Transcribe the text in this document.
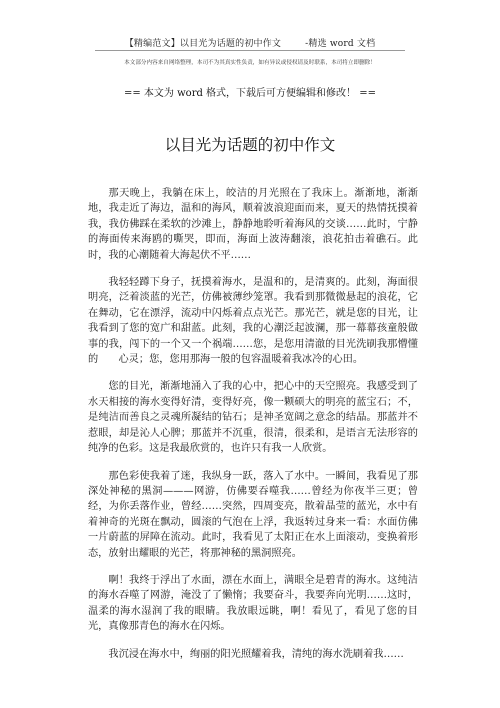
【精编范文】以目光为话题的初中作文	-精选 word 文档
本文部分内容来自网络整理，本司不为其真实性负责，如有异议或侵权请及时联系，本司将立即删除！
== 本文为 word 格式，下载后可方便编辑和修改！ ==
以目光为话题的初中作文

那天晚上，我躺在床上，皎洁的月光照在了我床上。渐渐地，渐渐地，我走近了海边，温和的海风，顺着波浪迎面而来，夏天的热情抚摸着我，我仿佛踩在柔软的沙滩上，静静地聆听着海风的交谈……此时，宁静的海面传来海鸥的嘶哭，即而，海面上波涛翻滚，浪花拍击着礁石。此时，我的心潮随着大海起伏不平……

我轻轻蹲下身子，抚摸着海水，是温和的，是清爽的。此刻，海面很明亮，泛着淡蓝的光芒，仿佛被薄纱笼罩。我看到那微微悬起的浪花，它在舞动，它在漂浮，流动中闪烁着点点光芒。那光芒，就是您的目光，让我看到了您的宽广和甜蓝。此刻，我的心潮泛起波澜，那一幕幕孩童般做事的我，闯下的一个又一个祸端……您，是您用清澈的目光洗刷我那懵懂的　　心灵；您，您用那海一般的包容温暖着我冰冷的心田。

您的目光，渐渐地涌入了我的心中，把心中的天空照亮。我感受到了水天相接的海水变得好清，变得好亮，像一颗硕大的明亮的蓝宝石；不，是纯洁而善良之灵魂所凝结的钻石；是神圣宽阔之意念的结晶。那蓝并不惹眼，却是沁人心脾；那蓝并不沉重，很清，很柔和，是语言无法形容的纯净的色彩。这是我最欣赏的，也许只有我一人欣赏。

那色彩使我着了迷，我纵身一跃，落入了水中。一瞬间，我看见了那深处神秘的黑洞———网游，仿佛要吞噬我……曾经为你夜半三更；曾经，为你丢落作业，曾经……突然，四周变亮，散着晶莹的蓝光，水中有着神奇的光斑在飘动，圆滚的气泡在上浮，我返转过身来一看：水面仿佛一片蔚蓝的屏障在流动。此时，我看见了太阳正在水上面滚动，变换着形态，放射出耀眼的光芒，将那神秘的黑洞照亮。

啊！我终于浮出了水面，漂在水面上，满眼全是碧青的海水。这纯洁的海水吞噬了网游，淹没了了懒惰；我要奋斗，我要奔向光明……这时，温柔的海水湿润了我的眼睛。我放眼远眺，啊！看见了，看见了您的目光，真像那青色的海水在闪烁。

我沉浸在海水中，绚丽的阳光照耀着我，清纯的海水洗刷着我……
